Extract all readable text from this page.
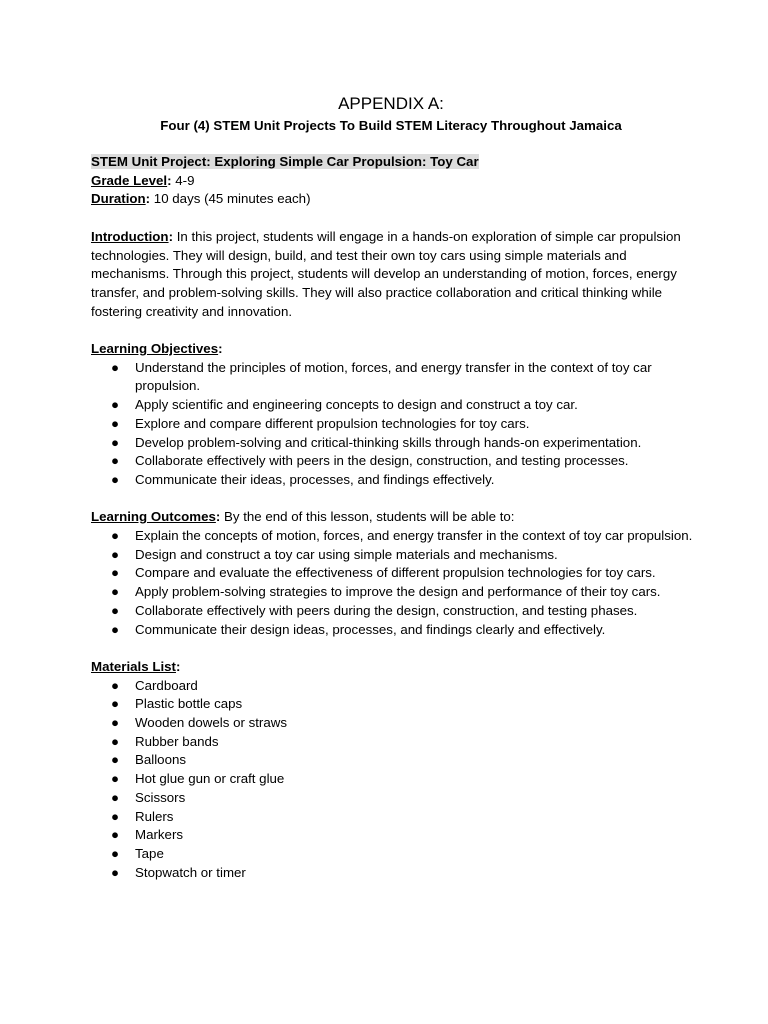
APPENDIX A:
Four (4) STEM Unit Projects To Build STEM Literacy Throughout Jamaica

STEM Unit Project: Exploring Simple Car Propulsion: Toy Car

Grade Level: 4-9

Duration: 10 days (45 minutes each)

Introduction: In this project, students will engage in a hands-on exploration of simple car propulsion technologies. They will design, build, and test their own toy cars using simple materials and mechanisms. Through this project, students will develop an understanding of motion, forces, energy transfer, and problem-solving skills. They will also practice collaboration and critical thinking while fostering creativity and innovation.

Learning Objectives:

● Understand the principles of motion, forces, and energy transfer in the context of toy car propulsion.
● Apply scientific and engineering concepts to design and construct a toy car.
● Explore and compare different propulsion technologies for toy cars.
● Develop problem-solving and critical-thinking skills through hands-on experimentation.
● Collaborate effectively with peers in the design, construction, and testing processes.
● Communicate their ideas, processes, and findings effectively.

Learning Outcomes: By the end of this lesson, students will be able to:

● Explain the concepts of motion, forces, and energy transfer in the context of toy car propulsion.
● Design and construct a toy car using simple materials and mechanisms.
● Compare and evaluate the effectiveness of different propulsion technologies for toy cars.
● Apply problem-solving strategies to improve the design and performance of their toy cars.
● Collaborate effectively with peers during the design, construction, and testing phases.
● Communicate their design ideas, processes, and findings clearly and effectively.

Materials List:

● Cardboard
● Plastic bottle caps
● Wooden dowels or straws
● Rubber bands
● Balloons
● Hot glue gun or craft glue
● Scissors
● Rulers
● Markers
● Tape
● Stopwatch or timer
